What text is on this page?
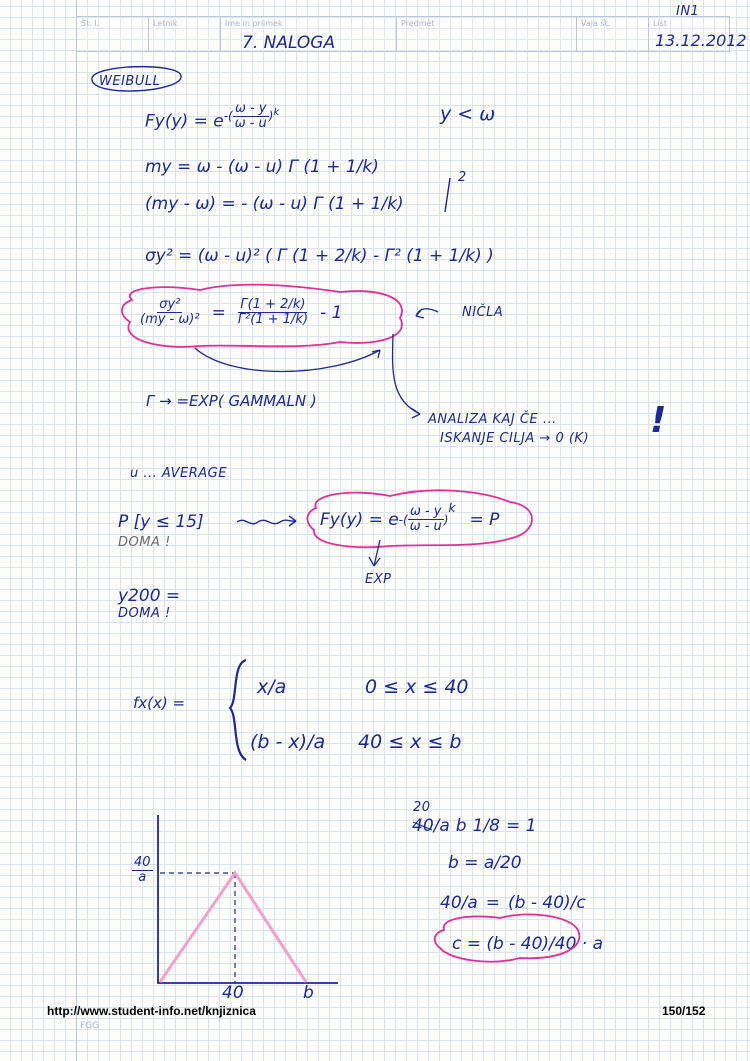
Št. l.	Letnik	Ime in priimek	Predmet	Vaja št.	List
7. NALOGA
IN1
13.12.2012
WEIBULL
$Fy(y) = e^{-( \frac{\omega - y}{\omega - u} )^k}$	y < ω
my = ω - (ω - u) Γ (1 + 1/k)
(my - ω) = - (ω - u) Γ (1 + 1/k)
2
σy² = (ω - u)² ( Γ (1 + 2/k) - Γ² (1 + 1/k) )
$\frac{\text{σy²}}{\text{(my - ω)²}} = \frac{\Gamma(1 + 2/k)}{\text{Γ²(1 + 1/k)}} - 1$	NIČLA
Γ → =EXP( GAMMALN )
ANALIZA KAJ ČE ...
ISKANJE CILJA → 0 (K) !
u ... AVERAGE
P [y ≤ 15]
DOMA !
Fy(y) = e -( $\frac{\omega - y}{\omega - u}$ )
k
= P
EXP
y200 =
DOMA !
fx(x) =
x/a	0 ≤ x ≤ 40
(b - x)/a 40 ≤ x ≤ b
$\frac{40}{a}$
40	b
20
40/a b 1/8 = 1
b = a/20
40/a = (b - 40)/c
c = (b - 40)/40 · a
http://www.student-info.net/knjiznica	150/152
FGG
